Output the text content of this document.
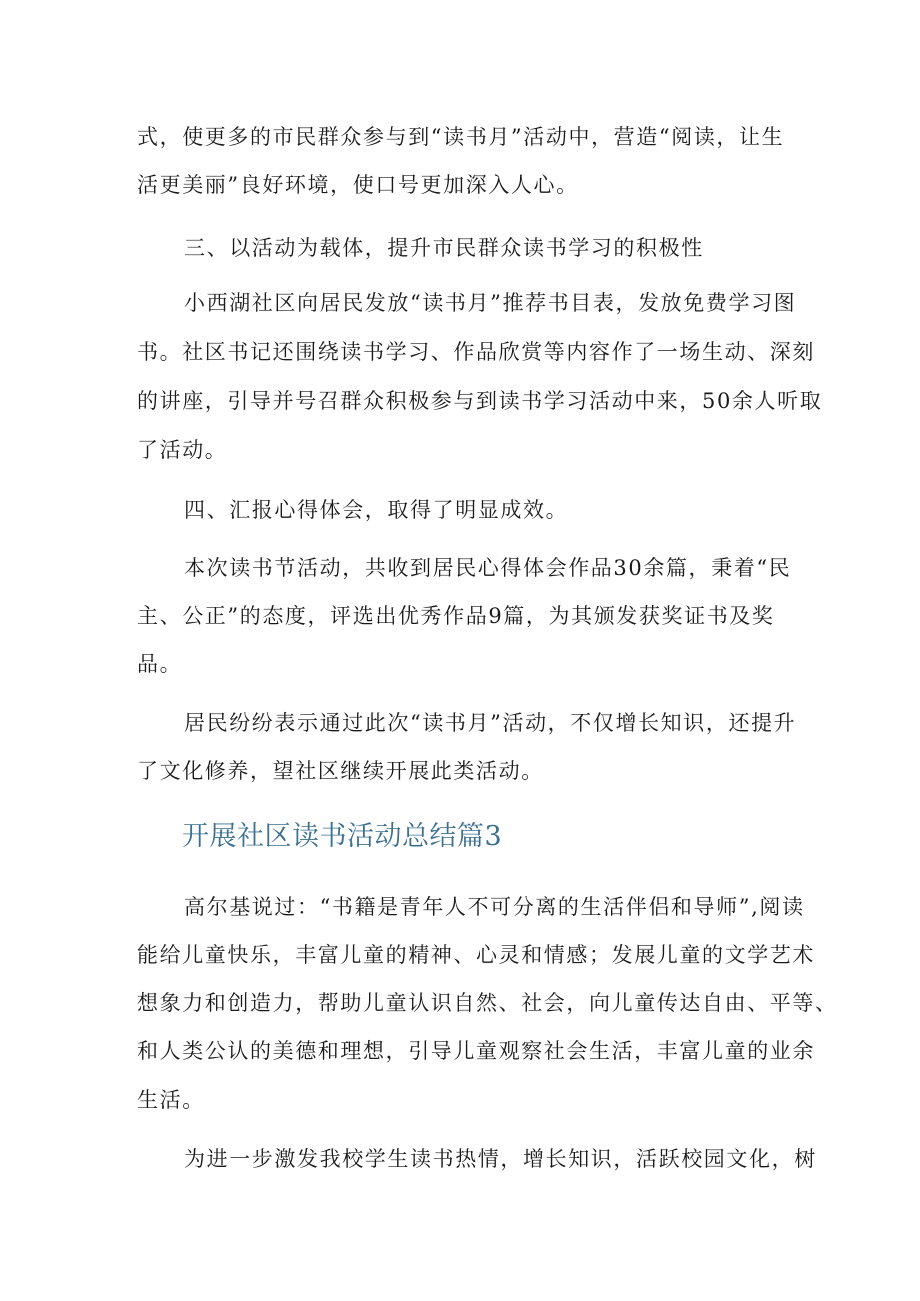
式，使更多的市民群众参与到“读书月”活动中，营造“阅读，让生
活更美丽”良好环境，使口号更加深入人心。
三、以活动为载体，提升市民群众读书学习的积极性
小西湖社区向居民发放“读书月”推荐书目表，发放免费学习图
书。社区书记还围绕读书学习、作品欣赏等内容作了一场生动、深刻
的讲座，引导并号召群众积极参与到读书学习活动中来，50余人听取
了活动。
四、汇报心得体会，取得了明显成效。
本次读书节活动，共收到居民心得体会作品30余篇，秉着“民
主、公正”的态度，评选出优秀作品9篇，为其颁发获奖证书及奖
品。
居民纷纷表示通过此次“读书月”活动，不仅增长知识，还提升
了文化修养，望社区继续开展此类活动。
开展社区读书活动总结篇3
高尔基说过：“书籍是青年人不可分离的生活伴侣和导师”,阅读
能给儿童快乐，丰富儿童的精神、心灵和情感；发展儿童的文学艺术
想象力和创造力，帮助儿童认识自然、社会，向儿童传达自由、平等、
和人类公认的美德和理想，引导儿童观察社会生活，丰富儿童的业余
生活。
为进一步激发我校学生读书热情，增长知识，活跃校园文化，树
